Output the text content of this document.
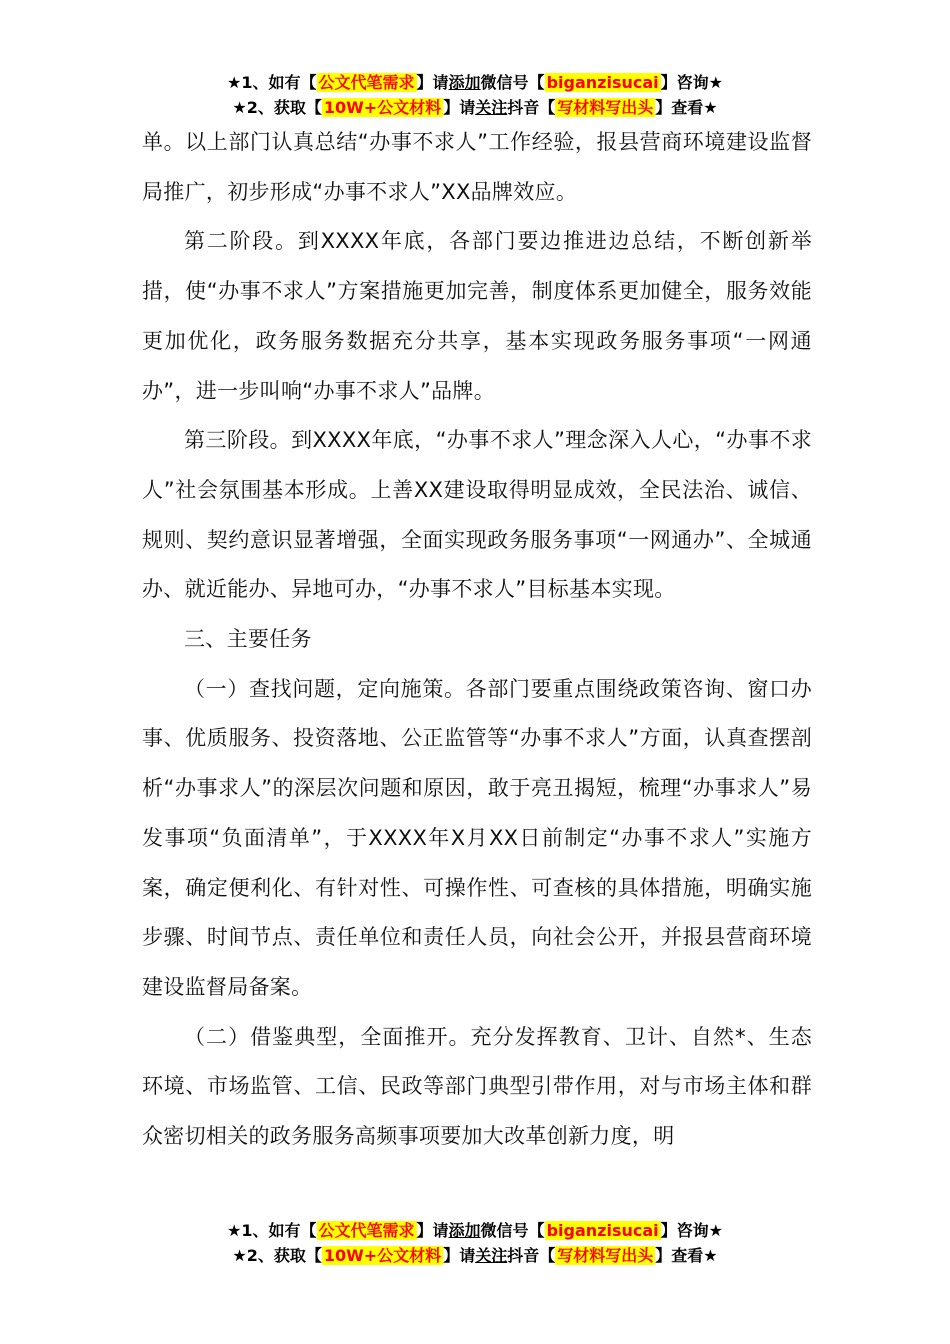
★1、如有【 公文代笔需求 】请添加微信号【 biganzisucai 】咨询★
★2、获取【 10W+公文材料 】请关注抖音【 写材料写出头 】查看★

单。以上部门认真总结“办事不求人”工作经验，报县营商环境建设监督局推广，初步形成“办事不求人”XX品牌效应。

第二阶段。到XXXX年底，各部门要边推进边总结，不断创新举措，使“办事不求人”方案措施更加完善，制度体系更加健全，服务效能更加优化，政务服务数据充分共享，基本实现政务服务事项“一网通办”，进一步叫响“办事不求人”品牌。

第三阶段。到XXXX年底，“办事不求人”理念深入人心，“办事不求人”社会氛围基本形成。上善XX建设取得明显成效，全民法治、诚信、规则、契约意识显著增强，全面实现政务服务事项“一网通办”、全城通办、就近能办、异地可办，“办事不求人”目标基本实现。

三、主要任务

（一）查找问题，定向施策。各部门要重点围绕政策咨询、窗口办事、优质服务、投资落地、公正监管等“办事不求人”方面，认真查摆剖析“办事求人”的深层次问题和原因，敢于亮丑揭短，梳理“办事求人”易发事项“负面清单”，于XXXX年X月XX日前制定“办事不求人”实施方案，确定便利化、有针对性、可操作性、可查核的具体措施，明确实施步骤、时间节点、责任单位和责任人员，向社会公开，并报县营商环境建设监督局备案。

（二）借鉴典型，全面推开。充分发挥教育、卫计、自然*、生态环境、市场监管、工信、民政等部门典型引带作用，对与市场主体和群众密切相关的政务服务高频事项要加大改革创新力度，明

★1、如有【 公文代笔需求 】请添加微信号【 biganzisucai 】咨询★
★2、获取【 10W+公文材料 】请关注抖音【 写材料写出头 】查看★
